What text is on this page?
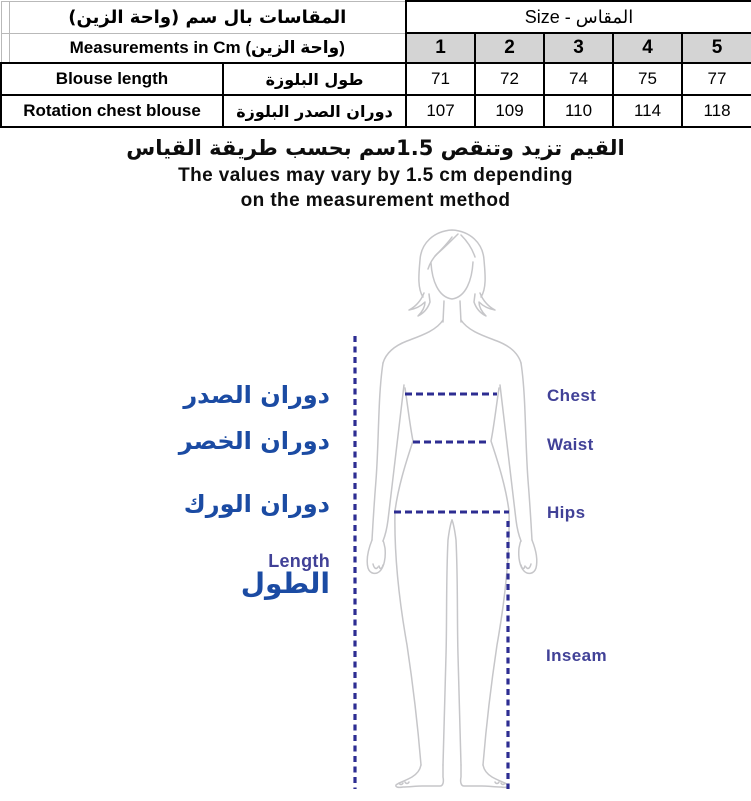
	المقاسات بال سم (واحة الزين)		Size - المقاس				
	Measurements in Cm (واحة الزين)		1	2	3	4	5
Blouse length		طول البلوزة	71	72	74	75	77
Rotation chest blouse		دوران الصدر البلوزة	107	109	110	114	118
القيم تزيد وتنقص 1.5سم بحسب طريقة القياس
The values may vary by 1.5 cm depending
on the measurement method
دوران الصدر
دوران الخصر
دوران الورك
Length
الطول
Chest
Waist
Hips
Inseam
